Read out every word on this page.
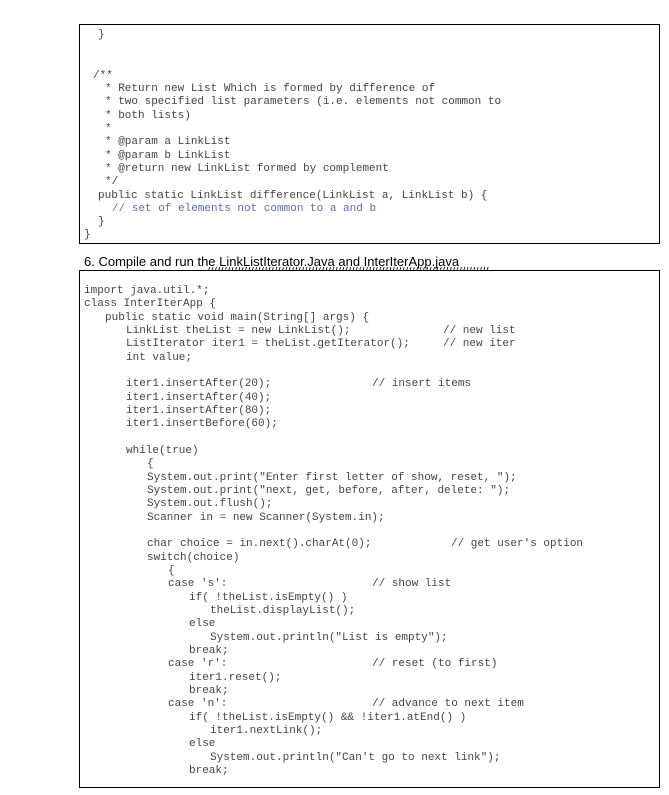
}
/**
* Return new List Which is formed by difference of
* two specified list parameters (i.e. elements not common to
* both lists)
*
* @param a LinkList
* @param b LinkList
* @return new LinkList formed by complement
*/
public static LinkList difference(LinkList a, LinkList b) {
// set of elements not common to a and b
}
}
6. Compile and run the LinkListIterator.Java and InterIterApp.java
import java.util.*;
class InterIterApp {
public static void main(String[] args) {
LinkList theList = new LinkList();	// new list
ListIterator iter1 = theList.getIterator();	// new iter
int value;
iter1.insertAfter(20);	// insert items
iter1.insertAfter(40);
iter1.insertAfter(80);
iter1.insertBefore(60);
while(true)
{
System.out.print("Enter first letter of show, reset, ");
System.out.print("next, get, before, after, delete: ");
System.out.flush();
Scanner in = new Scanner(System.in);
char choice = in.next().charAt(0);	// get user's option
switch(choice)
{
case 's':	// show list
if( !theList.isEmpty() )
theList.displayList();
else
System.out.println("List is empty");
break;
case 'r':	// reset (to first)
iter1.reset();
break;
case 'n':	// advance to next item
if( !theList.isEmpty() && !iter1.atEnd() )
iter1.nextLink();
else
System.out.println("Can't go to next link");
break;
